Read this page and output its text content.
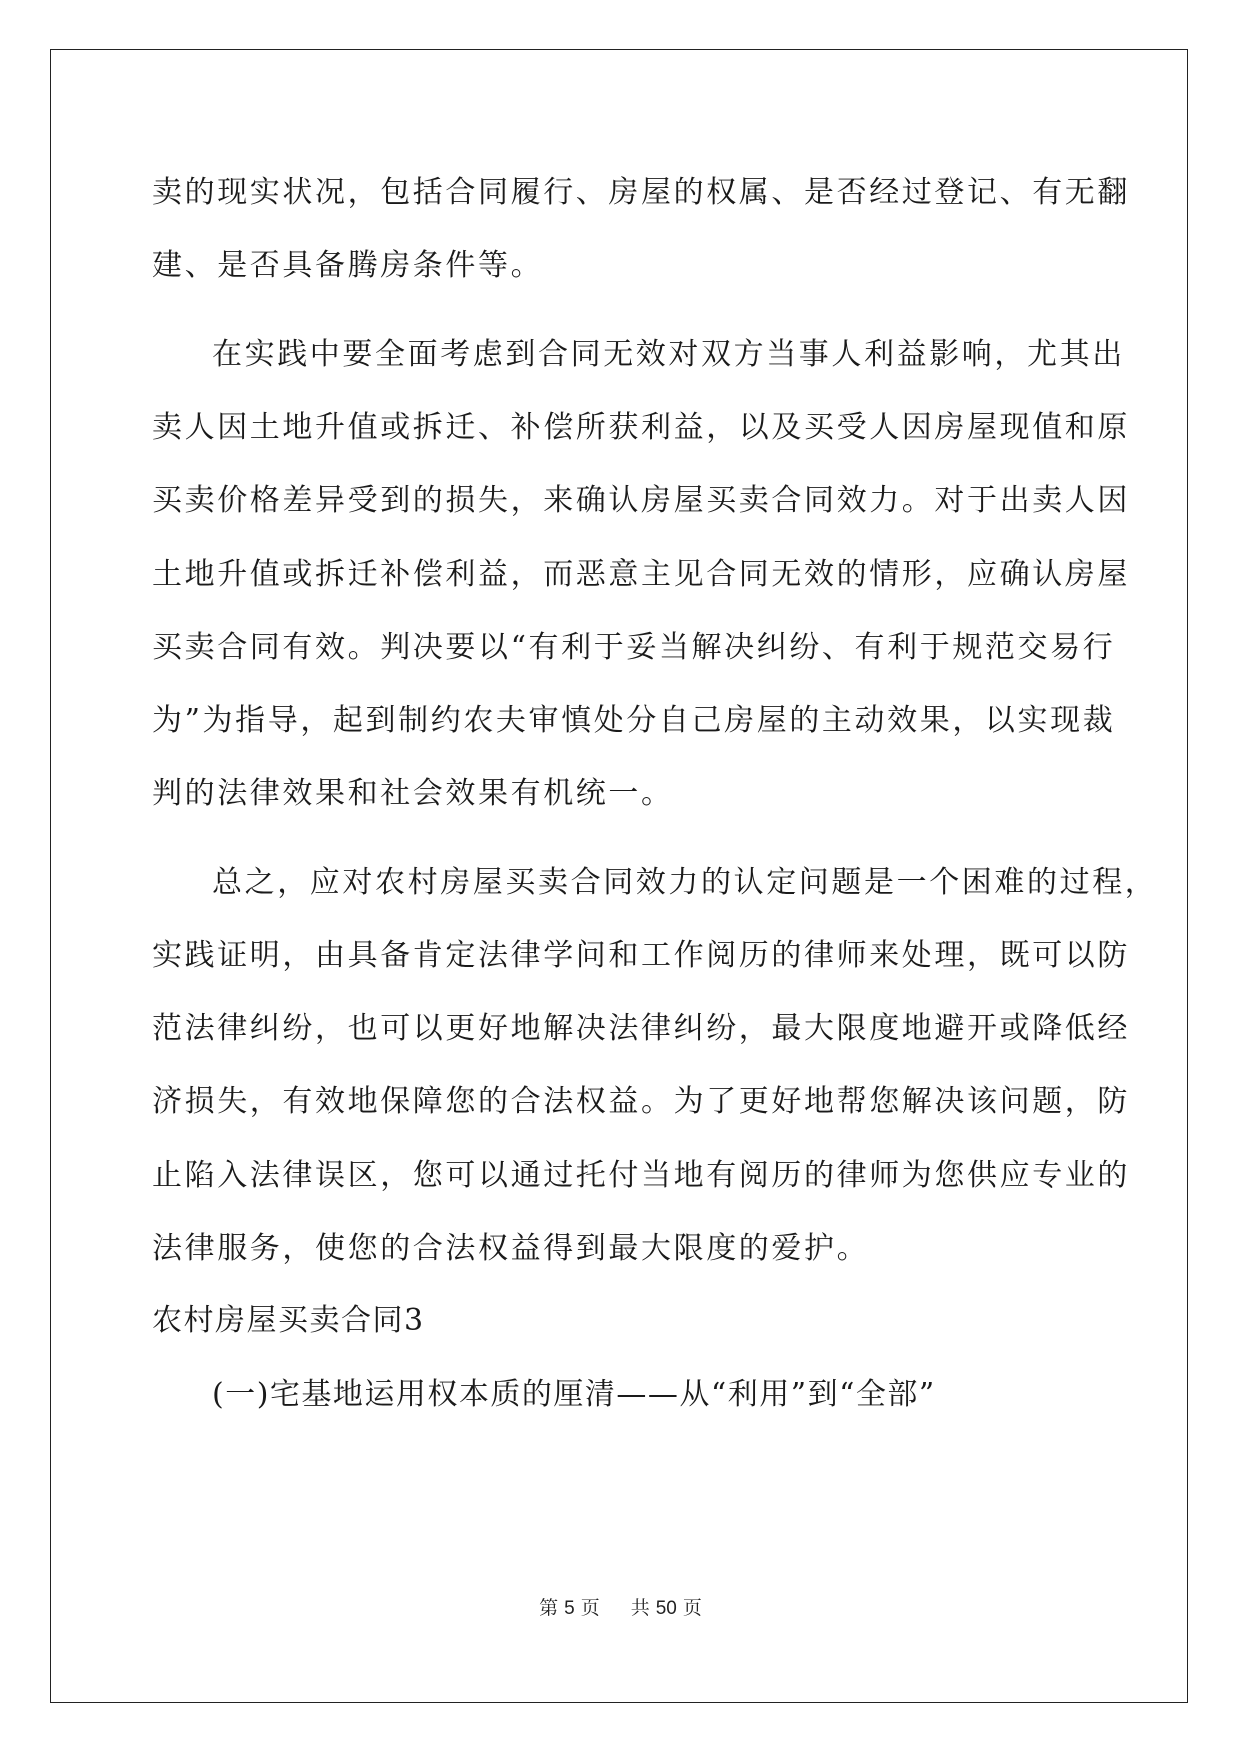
卖的现实状况，包括合同履行、房屋的权属、是否经过登记、有无翻

建、是否具备腾房条件等。

在实践中要全面考虑到合同无效对双方当事人利益影响，尤其出

卖人因土地升值或拆迁、补偿所获利益，以及买受人因房屋现值和原

买卖价格差异受到的损失，来确认房屋买卖合同效力。对于出卖人因

土地升值或拆迁补偿利益，而恶意主见合同无效的情形，应确认房屋

买卖合同有效。判决要以“有利于妥当解决纠纷、有利于规范交易行

为”为指导，起到制约农夫审慎处分自己房屋的主动效果，以实现裁

判的法律效果和社会效果有机统一。

总之，应对农村房屋买卖合同效力的认定问题是一个困难的过程，

实践证明，由具备肯定法律学问和工作阅历的律师来处理，既可以防

范法律纠纷，也可以更好地解决法律纠纷，最大限度地避开或降低经

济损失，有效地保障您的合法权益。为了更好地帮您解决该问题，防

止陷入法律误区，您可以通过托付当地有阅历的律师为您供应专业的

法律服务，使您的合法权益得到最大限度的爱护。

农村房屋买卖合同3

(一)宅基地运用权本质的厘清——从“利用”到“全部”

第 5 页 共 50 页
